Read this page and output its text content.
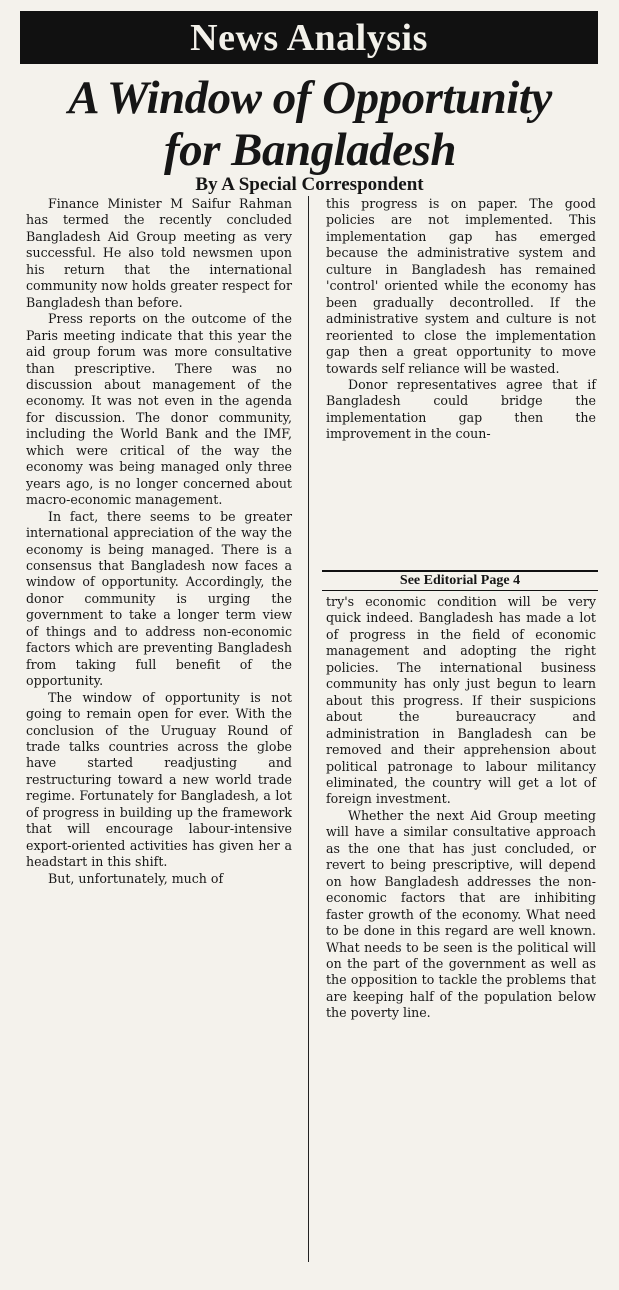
News Analysis
A Window of Opportunity
for Bangladesh
By A Special Correspondent

Finance Minister M Saifur Rahman has termed the recently concluded Bangladesh Aid Group meeting as very successful. He also told newsmen upon his return that the international community now holds greater respect for Bangladesh than before.

Press reports on the outcome of the Paris meeting indicate that this year the aid group forum was more consultative than prescriptive. There was no discussion about management of the economy. It was not even in the agenda for discussion. The donor community, including the World Bank and the IMF, which were critical of the way the economy was being managed only three years ago, is no longer concerned about macro-economic management.

In fact, there seems to be greater international appreciation of the way the economy is being managed. There is a consensus that Bangladesh now faces a window of opportunity. Accordingly, the donor community is urging the government to take a longer term view of things and to address non-economic factors which are preventing Bangladesh from taking full benefit of the opportunity.

The window of opportunity is not going to remain open for ever. With the conclusion of the Uruguay Round of trade talks countries across the globe have started readjusting and restructuring toward a new world trade regime. Fortunately for Bangladesh, a lot of progress in building up the framework that will encourage labour-intensive export-oriented activities has given her a headstart in this shift.

But, unfortunately, much of

this progress is on paper. The good policies are not implemented. This implementation gap has emerged because the administrative system and culture in Bangladesh has remained 'control' oriented while the economy has been gradually decontrolled. If the administrative system and culture is not reoriented to close the implementation gap then a great opportunity to move towards self reliance will be wasted.

Donor representatives agree that if Bangladesh could bridge the implementation gap then the improvement in the coun-

See Editorial Page 4

try's economic condition will be very quick indeed. Bangladesh has made a lot of progress in the field of economic management and adopting the right policies. The international business community has only just begun to learn about this progress. If their suspicions about the bureaucracy and administration in Bangladesh can be removed and their apprehension about political patronage to labour militancy eliminated, the country will get a lot of foreign investment.

Whether the next Aid Group meeting will have a similar consultative approach as the one that has just concluded, or revert to being prescriptive, will depend on how Bangladesh addresses the non-economic factors that are inhibiting faster growth of the economy. What need to be done in this regard are well known. What needs to be seen is the political will on the part of the government as well as the opposition to tackle the problems that are keeping half of the population below the poverty line.
